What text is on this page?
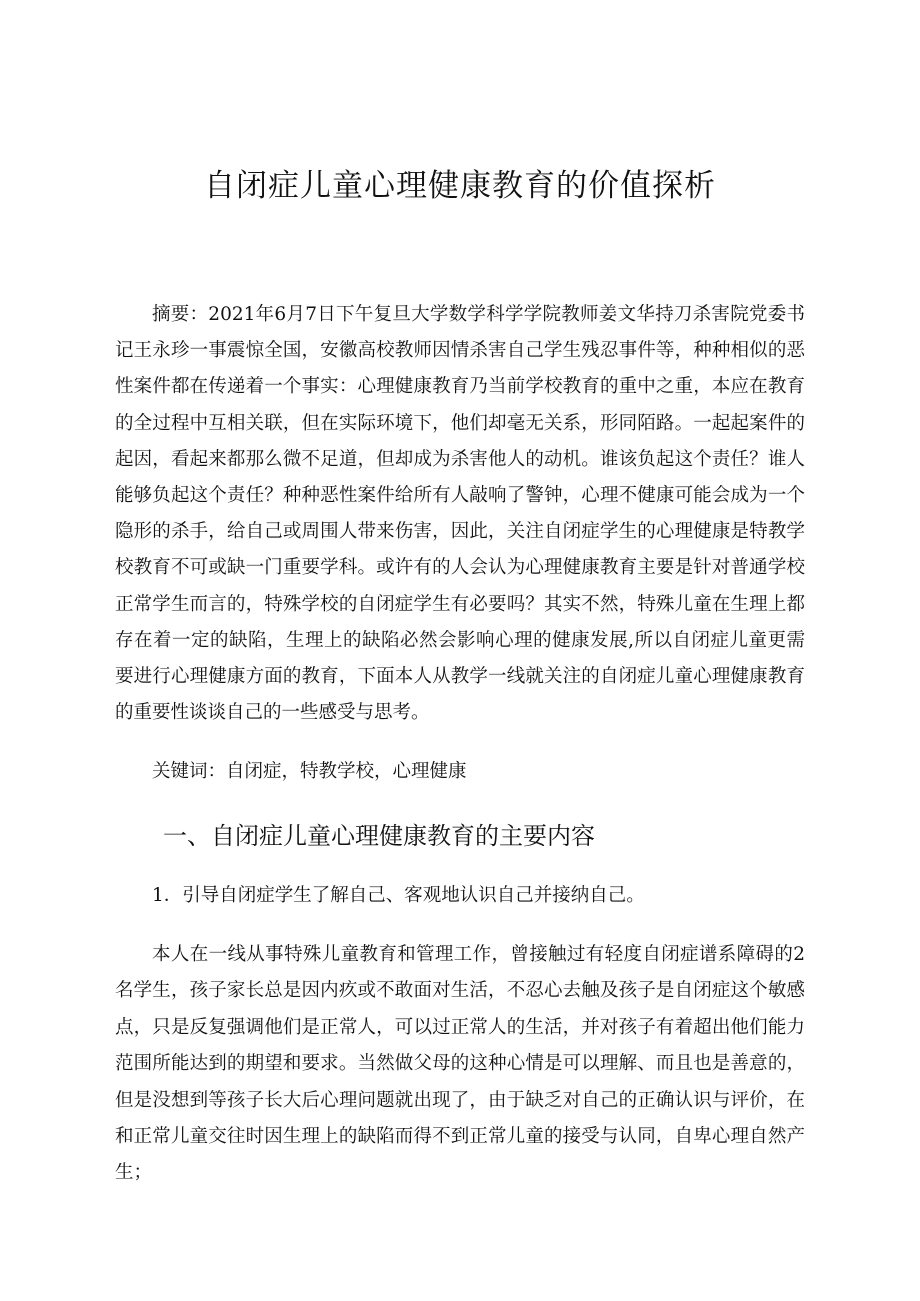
自闭症儿童心理健康教育的价值探析

摘要：2021年6月7日下午复旦大学数学科学学院教师姜文华持刀杀害院党委书记王永珍一事震惊全国，安徽高校教师因情杀害自己学生残忍事件等，种种相似的恶性案件都在传递着一个事实：心理健康教育乃当前学校教育的重中之重，本应在教育的全过程中互相关联，但在实际环境下，他们却毫无关系，形同陌路。一起起案件的起因，看起来都那么微不足道，但却成为杀害他人的动机。谁该负起这个责任？谁人能够负起这个责任？种种恶性案件给所有人敲响了警钟，心理不健康可能会成为一个隐形的杀手，给自己或周围人带来伤害，因此，关注自闭症学生的心理健康是特教学校教育不可或缺一门重要学科。或许有的人会认为心理健康教育主要是针对普通学校正常学生而言的，特殊学校的自闭症学生有必要吗？其实不然，特殊儿童在生理上都存在着一定的缺陷，生理上的缺陷必然会影响心理的健康发展,所以自闭症儿童更需要进行心理健康方面的教育，下面本人从教学一线就关注的自闭症儿童心理健康教育的重要性谈谈自己的一些感受与思考。

关键词：自闭症，特教学校，心理健康

一、自闭症儿童心理健康教育的主要内容

1．引导自闭症学生了解自己、客观地认识自己并接纳自己。

本人在一线从事特殊儿童教育和管理工作，曾接触过有轻度自闭症谱系障碍的2名学生，孩子家长总是因内疚或不敢面对生活，不忍心去触及孩子是自闭症这个敏感点，只是反复强调他们是正常人，可以过正常人的生活，并对孩子有着超出他们能力范围所能达到的期望和要求。当然做父母的这种心情是可以理解、而且也是善意的，但是没想到等孩子长大后心理问题就出现了，由于缺乏对自己的正确认识与评价，在和正常儿童交往时因生理上的缺陷而得不到正常儿童的接受与认同，自卑心理自然产生；
